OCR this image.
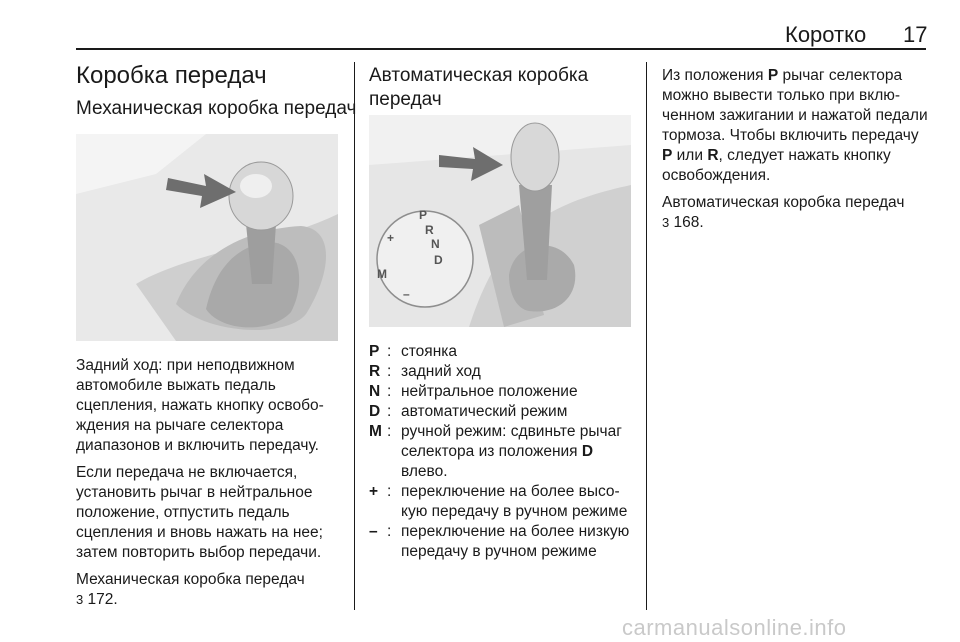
Коротко 17
Коробка передач
Механическая коробка передач

Задний ход: при неподвижном автомобиле выжать педаль сцепления, нажать кнопку освобождения на рычаге селектора диапазонов и включить передачу.

Если передача не включается, установить рычаг в нейтральное положение, отпустить педаль сцепления и вновь нажать на нее; затем повторить выбор передачи.

Механическая коробка передач
3 172.

Автоматическая коробка передач
P
R
N
D
M
+
–
P : стоянка
R : задний ход
N : нейтральное положение
D : автоматический режим
M : ручной режим: сдвиньте рычаг селектора из положения D влево.
+ : переключение на более высокую передачу в ручном режиме
– : переключение на более низкую передачу в ручном режиме

Из положения P рычаг селектора можно вывести только при включенном зажигании и нажатой педали тормоза. Чтобы включить передачу P или R, следует нажать кнопку освобождения.

Автоматическая коробка передач
3 168.

carmanualsonline.info
